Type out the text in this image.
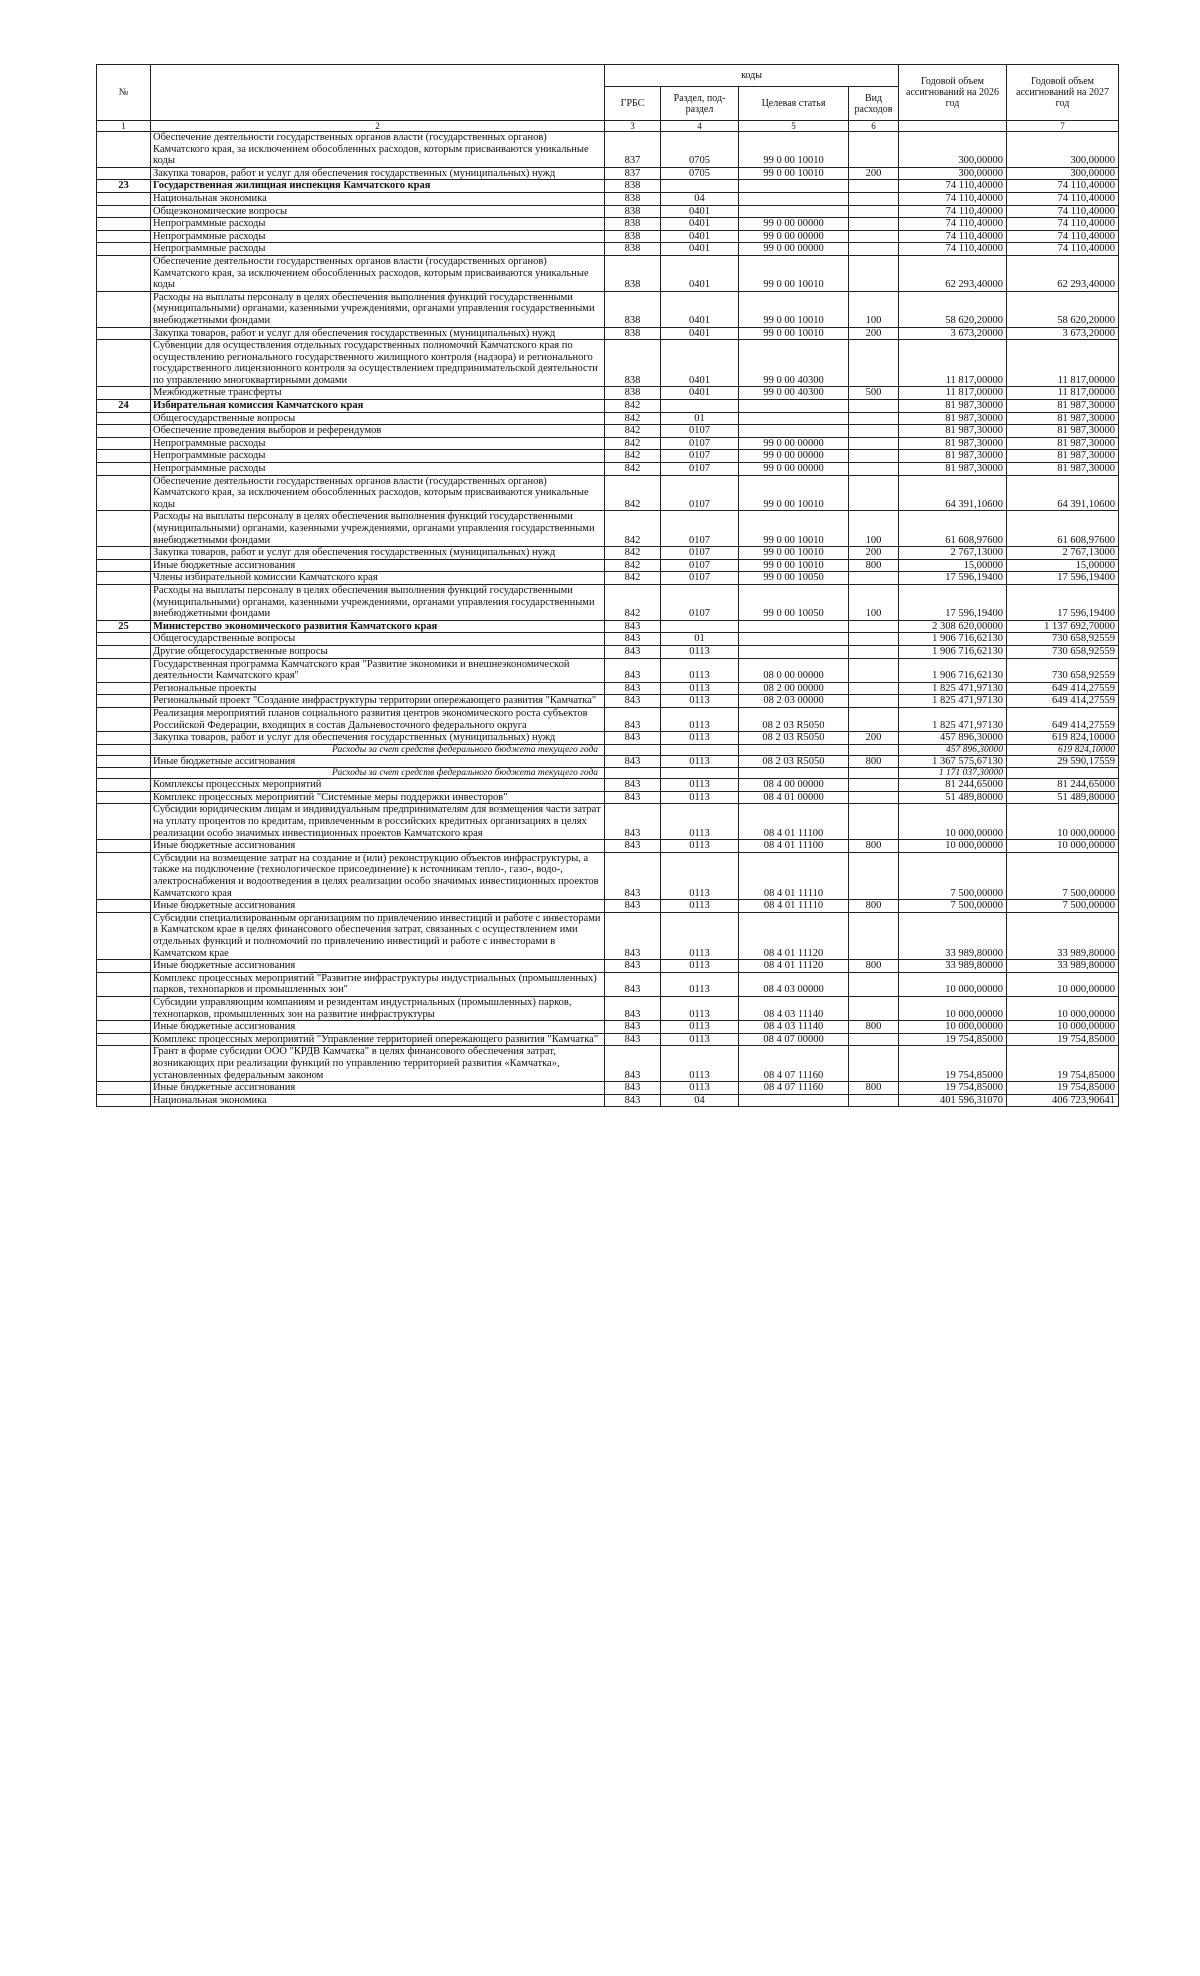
№		коды				Годовой объем ассигнований на 2026 год	Годовой объем ассигнований на 2027 год
		ГРБС	Раздел, под-раздел	Целевая статья	Вид расходов		
1	2	3	4	5	6		7
	Обеспечение деятельности государственных органов власти (государственных органов) Камчатского края, за исключением обособленных расходов, которым присваиваются уникальные коды	837	0705	99 0 00 10010		300,00000	300,00000
	Закупка товаров, работ и услуг для обеспечения государственных (муниципальных) нужд	837	0705	99 0 00 10010	200	300,00000	300,00000
23	Государственная жилищная инспекция Камчатского края	838				74 110,40000	74 110,40000
	Национальная экономика	838	04			74 110,40000	74 110,40000
	Общеэкономические вопросы	838	0401			74 110,40000	74 110,40000
	Непрограммные расходы	838	0401	99 0 00 00000		74 110,40000	74 110,40000
	Непрограммные расходы	838	0401	99 0 00 00000		74 110,40000	74 110,40000
	Непрограммные расходы	838	0401	99 0 00 00000		74 110,40000	74 110,40000
	Обеспечение деятельности государственных органов власти (государственных органов) Камчатского края, за исключением обособленных расходов, которым присваиваются уникальные коды	838	0401	99 0 00 10010		62 293,40000	62 293,40000
	Расходы на выплаты персоналу в целях обеспечения выполнения функций государственными (муниципальными) органами, казенными учреждениями, органами управления государственными внебюджетными фондами	838	0401	99 0 00 10010	100	58 620,20000	58 620,20000
	Закупка товаров, работ и услуг для обеспечения государственных (муниципальных) нужд	838	0401	99 0 00 10010	200	3 673,20000	3 673,20000
	Субвенции для осуществления отдельных государственных полномочий Камчатского края по осуществлению регионального государственного жилищного контроля (надзора) и регионального государственного лицензионного контроля за осуществлением предпринимательской деятельности по управлению многоквартирными домами	838	0401	99 0 00 40300		11 817,00000	11 817,00000
	Межбюджетные трансферты	838	0401	99 0 00 40300	500	11 817,00000	11 817,00000
24	Избирательная комиссия Камчатского края	842				81 987,30000	81 987,30000
	Общегосударственные вопросы	842	01			81 987,30000	81 987,30000
	Обеспечение проведения выборов и референдумов	842	0107			81 987,30000	81 987,30000
	Непрограммные расходы	842	0107	99 0 00 00000		81 987,30000	81 987,30000
	Непрограммные расходы	842	0107	99 0 00 00000		81 987,30000	81 987,30000
	Непрограммные расходы	842	0107	99 0 00 00000		81 987,30000	81 987,30000
	Обеспечение деятельности государственных органов власти (государственных органов) Камчатского края, за исключением обособленных расходов, которым присваиваются уникальные коды	842	0107	99 0 00 10010		64 391,10600	64 391,10600
	Расходы на выплаты персоналу в целях обеспечения выполнения функций государственными (муниципальными) органами, казенными учреждениями, органами управления государственными внебюджетными фондами	842	0107	99 0 00 10010	100	61 608,97600	61 608,97600
	Закупка товаров, работ и услуг для обеспечения государственных (муниципальных) нужд	842	0107	99 0 00 10010	200	2 767,13000	2 767,13000
	Иные бюджетные ассигнования	842	0107	99 0 00 10010	800	15,00000	15,00000
	Члены избирательной комиссии Камчатского края	842	0107	99 0 00 10050		17 596,19400	17 596,19400
	Расходы на выплаты персоналу в целях обеспечения выполнения функций государственными (муниципальными) органами, казенными учреждениями, органами управления государственными внебюджетными фондами	842	0107	99 0 00 10050	100	17 596,19400	17 596,19400
25	Министерство экономического развития Камчатского края	843				2 308 620,00000	1 137 692,70000
	Общегосударственные вопросы	843	01			1 906 716,62130	730 658,92559
	Другие общегосударственные вопросы	843	0113			1 906 716,62130	730 658,92559
	Государственная программа Камчатского края "Развитие экономики и внешнеэкономической деятельности Камчатского края"	843	0113	08 0 00 00000		1 906 716,62130	730 658,92559
	Региональные проекты	843	0113	08 2 00 00000		1 825 471,97130	649 414,27559
	Региональный проект "Создание инфраструктуры территории опережающего развития "Камчатка"	843	0113	08 2 03 00000		1 825 471,97130	649 414,27559
	Реализация мероприятий планов социального развития центров экономического роста субъектов Российской Федерации, входящих в состав Дальневосточного федерального округа	843	0113	08 2 03 R5050		1 825 471,97130	649 414,27559
	Закупка товаров, работ и услуг для обеспечения государственных (муниципальных) нужд	843	0113	08 2 03 R5050	200	457 896,30000	619 824,10000
	Расходы за счет средств федерального бюджета текущего года					457 896,30000	619 824,10000
	Иные бюджетные ассигнования	843	0113	08 2 03 R5050	800	1 367 575,67130	29 590,17559
	Расходы за счет средств федерального бюджета текущего года					1 171 037,30000	
	Комплексы процессных мероприятий	843	0113	08 4 00 00000		81 244,65000	81 244,65000
	Комплекс процессных мероприятий "Системные меры поддержки инвесторов"	843	0113	08 4 01 00000		51 489,80000	51 489,80000
	Субсидии юридическим лицам и индивидуальным предпринимателям для возмещения части затрат на уплату процентов по кредитам, привлеченным в российских кредитных организациях в целях реализации особо значимых инвестиционных проектов Камчатского края	843	0113	08 4 01 11100		10 000,00000	10 000,00000
	Иные бюджетные ассигнования	843	0113	08 4 01 11100	800	10 000,00000	10 000,00000
	Субсидии на возмещение затрат на создание и (или) реконструкцию объектов инфраструктуры, а также на подключение (технологическое присоединение) к источникам тепло-, газо-, водо-, электроснабжения и водоотведения в целях реализации особо значимых инвестиционных проектов Камчатского края	843	0113	08 4 01 11110		7 500,00000	7 500,00000
	Иные бюджетные ассигнования	843	0113	08 4 01 11110	800	7 500,00000	7 500,00000
	Субсидии специализированным организациям по привлечению инвестиций и работе с инвесторами в Камчатском крае в целях финансового обеспечения затрат, связанных с осуществлением ими отдельных функций и полномочий по привлечению инвестиций и работе с инвесторами в Камчатском крае	843	0113	08 4 01 11120		33 989,80000	33 989,80000
	Иные бюджетные ассигнования	843	0113	08 4 01 11120	800	33 989,80000	33 989,80000
	Комплекс процессных мероприятий "Развитие инфраструктуры индустриальных (промышленных) парков, технопарков и промышленных зон"	843	0113	08 4 03 00000		10 000,00000	10 000,00000
	Субсидии управляющим компаниям и резидентам индустриальных (промышленных) парков, технопарков, промышленных зон на развитие инфраструктуры	843	0113	08 4 03 11140		10 000,00000	10 000,00000
	Иные бюджетные ассигнования	843	0113	08 4 03 11140	800	10 000,00000	10 000,00000
	Комплекс процессных мероприятий "Управление территорией опережающего развития "Камчатка"	843	0113	08 4 07 00000		19 754,85000	19 754,85000
	Грант в форме субсидии ООО "КРДВ Камчатка" в целях финансового обеспечения затрат, возникающих при реализации функций по управлению территорией развития «Камчатка», установленных федеральным законом	843	0113	08 4 07 11160		19 754,85000	19 754,85000
	Иные бюджетные ассигнования	843	0113	08 4 07 11160	800	19 754,85000	19 754,85000
	Национальная экономика	843	04			401 596,31070	406 723,90641
